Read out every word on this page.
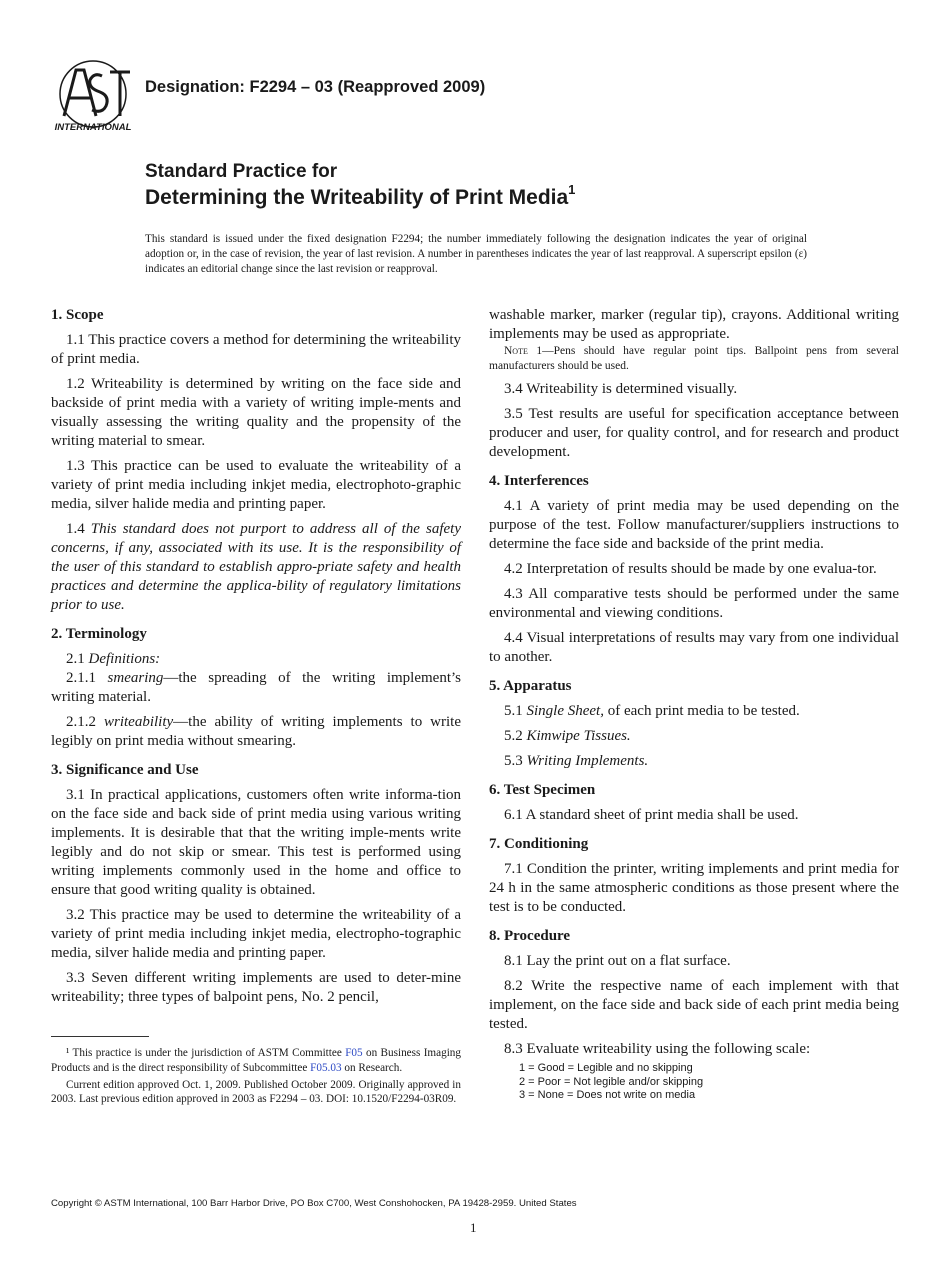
INTERNATIONAL
Designation: F2294 – 03 (Reapproved 2009)
Standard Practice for
Determining the Writeability of Print Media$^1$
This standard is issued under the fixed designation F2294; the number immediately following the designation indicates the year of original adoption or, in the case of revision, the year of last revision. A number in parentheses indicates the year of last reapproval. A superscript epsilon (ε) indicates an editorial change since the last revision or reapproval.

1. Scope

1.1 This practice covers a method for determining the writeability of print media.

1.2 Writeability is determined by writing on the face side and backside of print media with a variety of writing imple-ments and visually assessing the writing quality and the propensity of the writing material to smear.

1.3 This practice can be used to evaluate the writeability of a variety of print media including inkjet media, electrophoto-graphic media, silver halide media and printing paper.

1.4 This standard does not purport to address all of the safety concerns, if any, associated with its use. It is the responsibility of the user of this standard to establish appro-priate safety and health practices and determine the applica-bility of regulatory limitations prior to use.

2. Terminology

2.1 Definitions:

2.1.1 smearing—the spreading of the writing implement’s writing material.

2.1.2 writeability—the ability of writing implements to write legibly on print media without smearing.

3. Significance and Use

3.1 In practical applications, customers often write informa-tion on the face side and back side of print media using various writing implements. It is desirable that that the writing imple-ments write legibly and do not skip or smear. This test is performed using writing implements commonly used in the home and office to ensure that good writing quality is obtained.

3.2 This practice may be used to determine the writeability of a variety of print media including inkjet media, electropho-tographic media, silver halide media and printing paper.

3.3 Seven different writing implements are used to deter-mine writeability; three types of balpoint pens, No. 2 pencil,

washable marker, marker (regular tip), crayons. Additional writing implements may be used as appropriate.

Note 1—Pens should have regular point tips. Ballpoint pens from several manufacturers should be used.

3.4 Writeability is determined visually.

3.5 Test results are useful for specification acceptance between producer and user, for quality control, and for research and product development.

4. Interferences

4.1 A variety of print media may be used depending on the purpose of the test. Follow manufacturer/suppliers instructions to determine the face side and backside of the print media.

4.2 Interpretation of results should be made by one evalua-tor.

4.3 All comparative tests should be performed under the same environmental and viewing conditions.

4.4 Visual interpretations of results may vary from one individual to another.

5. Apparatus

5.1 Single Sheet, of each print media to be tested.

5.2 Kimwipe Tissues.

5.3 Writing Implements.

6. Test Specimen

6.1 A standard sheet of print media shall be used.

7. Conditioning

7.1 Condition the printer, writing implements and print media for 24 h in the same atmospheric conditions as those present where the test is to be conducted.

8. Procedure

8.1 Lay the print out on a flat surface.

8.2 Write the respective name of each implement with that implement, on the face side and back side of each print media being tested.

8.3 Evaluate writeability using the following scale:

1 = Good = Legible and no skipping
2 = Poor = Not legible and/or skipping
3 = None = Does not write on media

¹ This practice is under the jurisdiction of ASTM Committee F05 on Business Imaging Products and is the direct responsibility of Subcommittee F05.03 on Research.

Current edition approved Oct. 1, 2009. Published October 2009. Originally approved in 2003. Last previous edition approved in 2003 as F2294 – 03. DOI: 10.1520/F2294-03R09.

Copyright © ASTM International, 100 Barr Harbor Drive, PO Box C700, West Conshohocken, PA 19428-2959. United States
1
